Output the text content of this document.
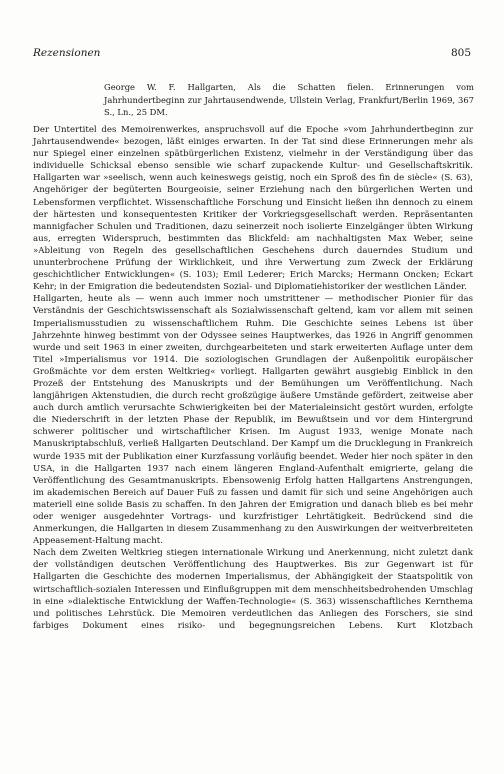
Rezensionen	805
George W. F. Hallgarten, Als die Schatten fielen. Erinnerungen vom Jahrhundertbeginn zur Jahrtausendwende, Ullstein Verlag, Frankfurt/Berlin 1969, 367 S., Ln., 25 DM.

Der Untertitel des Memoirenwerkes, anspruchsvoll auf die Epoche »vom Jahrhundertbeginn zur Jahrtausendwende« bezogen, läßt einiges erwarten. In der Tat sind diese Erinnerungen mehr als nur Spiegel einer einzelnen spätbürgerlichen Existenz, vielmehr in der Verständigung über das individuelle Schicksal ebenso sensible wie scharf zupackende Kultur- und Gesellschaftskritik. Hallgarten war »seelisch, wenn auch keineswegs geistig, noch ein Sproß des fin de siècle« (S. 63), Angehöriger der begüterten Bourgeoisie, seiner Erziehung nach den bürgerlichen Werten und Lebensformen verpflichtet. Wissenschaftliche Forschung und Einsicht ließen ihn dennoch zu einem der härtesten und konsequentesten Kritiker der Vorkriegsgesellschaft werden. Repräsentanten mannigfacher Schulen und Traditionen, dazu seinerzeit noch isolierte Einzelgänger übten Wirkung aus, erregten Widerspruch, bestimmten das Blickfeld: am nachhaltigsten Max Weber, seine »Ableitung von Regeln des gesellschaftlichen Geschehens durch dauerndes Studium und ununterbrochene Prüfung der Wirklichkeit, und ihre Verwertung zum Zweck der Erklärung geschichtlicher Entwicklungen« (S. 103); Emil Lederer; Erich Marcks; Hermann Oncken; Eckart Kehr; in der Emigration die bedeutendsten Sozial- und Diplomatiehistoriker der westlichen Länder.

Hallgarten, heute als — wenn auch immer noch umstrittener — methodischer Pionier für das Verständnis der Geschichtswissenschaft als Sozialwissenschaft geltend, kam vor allem mit seinen Imperialismusstudien zu wissenschaftlichem Ruhm. Die Geschichte seines Lebens ist über Jahrzehnte hinweg bestimmt von der Odyssee seines Hauptwerkes, das 1926 in Angriff genommen wurde und seit 1963 in einer zweiten, durchgearbeiteten und stark erweiterten Auflage unter dem Titel »Imperialismus vor 1914. Die soziologischen Grundlagen der Außenpolitik europäischer Großmächte vor dem ersten Weltkrieg« vorliegt. Hallgarten gewährt ausgiebig Einblick in den Prozeß der Entstehung des Manuskripts und der Bemühungen um Veröffentlichung. Nach langjährigen Aktenstudien, die durch recht großzügige äußere Umstände gefördert, zeitweise aber auch durch amtlich verursachte Schwierigkeiten bei der Materialeinsicht gestört wurden, erfolgte die Niederschrift in der letzten Phase der Republik, im Bewußtsein und vor dem Hintergrund schwerer politischer und wirtschaftlicher Krisen. Im August 1933, wenige Monate nach Manuskriptabschluß, verließ Hallgarten Deutschland. Der Kampf um die Drucklegung in Frankreich wurde 1935 mit der Publikation einer Kurzfassung vorläufig beendet. Weder hier noch später in den USA, in die Hallgarten 1937 nach einem längeren England-Aufenthalt emigrierte, gelang die Veröffentlichung des Gesamtmanuskripts. Ebensowenig Erfolg hatten Hallgartens Anstrengungen, im akademischen Bereich auf Dauer Fuß zu fassen und damit für sich und seine Angehörigen auch materiell eine solide Basis zu schaffen. In den Jahren der Emigration und danach blieb es bei mehr oder weniger ausgedehnter Vortrags- und kurzfristiger Lehrtätigkeit. Bedrückend sind die Anmerkungen, die Hallgarten in diesem Zusammenhang zu den Auswirkungen der weitverbreiteten Appeasement-Haltung macht.

Nach dem Zweiten Weltkrieg stiegen internationale Wirkung und Anerkennung, nicht zuletzt dank der vollständigen deutschen Veröffentlichung des Hauptwerkes. Bis zur Gegenwart ist für Hallgarten die Geschichte des modernen Imperialismus, der Abhängigkeit der Staatspolitik von wirtschaftlich-sozialen Interessen und Einflußgruppen mit dem menschheitsbedrohenden Umschlag in eine »dialektische Entwicklung der Waffen-Technologie« (S. 363) wissenschaftliches Kernthema und politisches Lehrstück. Die Memoiren verdeutlichen das Anliegen des Forschers, sie sind farbiges Dokument eines risiko- und begegnungsreichen Lebens. Kurt Klotzbach
